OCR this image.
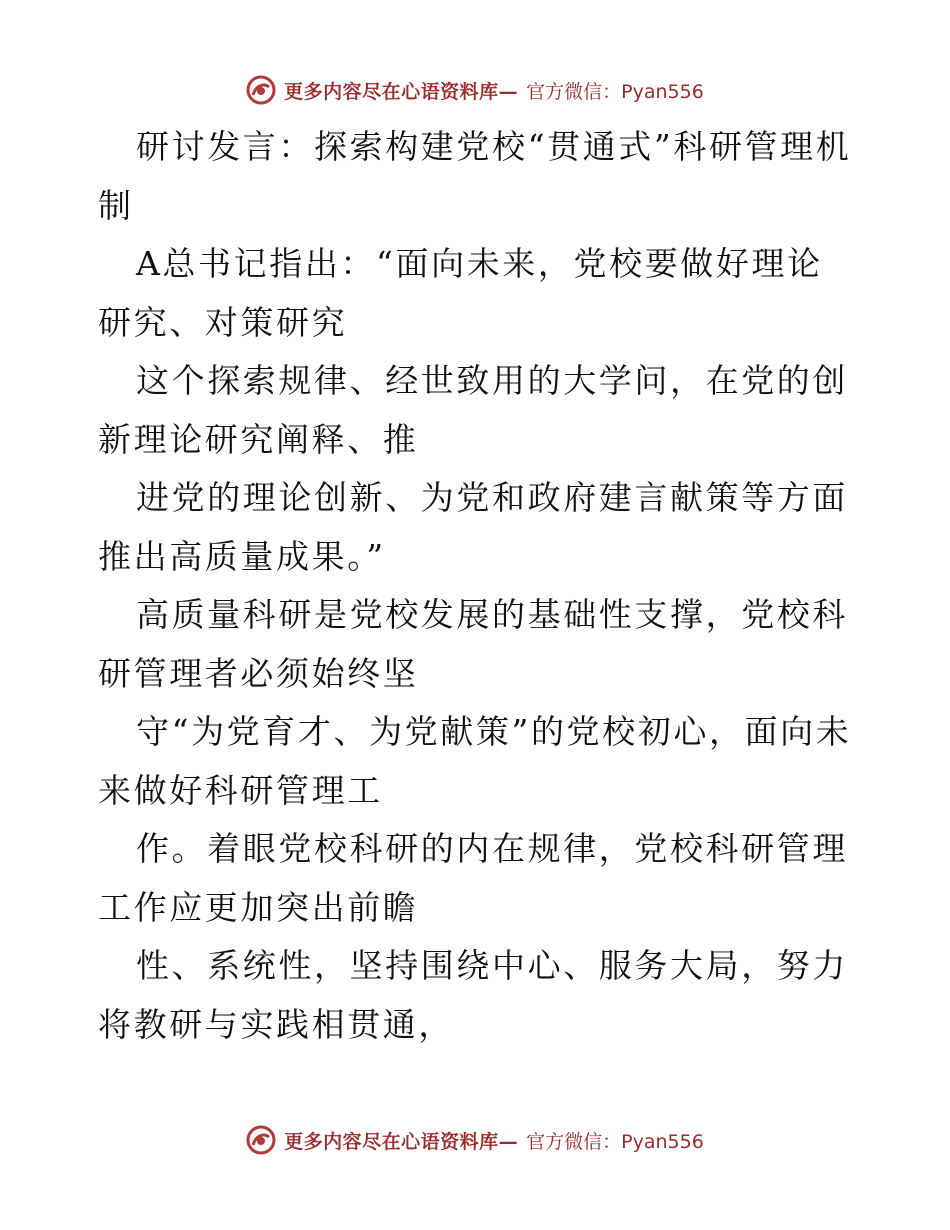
更多内容尽在心语资料库— 官方微信：Pyan556

研讨发言：探索构建党校“贯通式”科研管理机制

A总书记指出：“面向未来，党校要做好理论研究、对策研究

这个探索规律、经世致用的大学问，在党的创新理论研究阐释、推

进党的理论创新、为党和政府建言献策等方面推出高质量成果。”

高质量科研是党校发展的基础性支撑，党校科研管理者必须始终坚

守“为党育才、为党献策”的党校初心，面向未来做好科研管理工

作。着眼党校科研的内在规律，党校科研管理工作应更加突出前瞻

性、系统性，坚持围绕中心、服务大局，努力将教研与实践相贯通，

更多内容尽在心语资料库— 官方微信：Pyan556
